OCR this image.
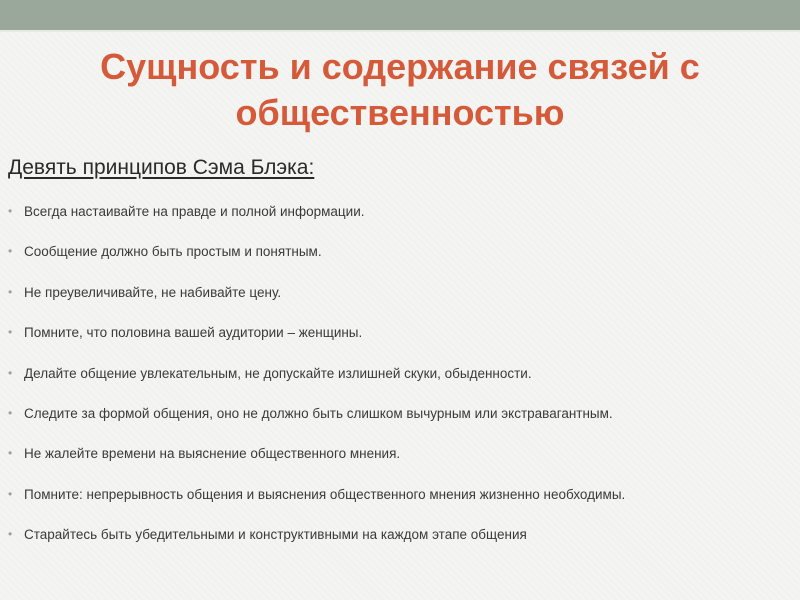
Сущность и содержание связей с общественностью

Девять принципов Сэма Блэка:

• Всегда настаивайте на правде и полной информации.
• Сообщение должно быть простым и понятным.
• Не преувеличивайте, не набивайте цену.
• Помните, что половина вашей аудитории – женщины.
• Делайте общение увлекательным, не допускайте излишней скуки, обыденности.
• Следите за формой общения, оно не должно быть слишком вычурным или экстравагантным.
• Не жалейте времени на выяснение общественного мнения.
• Помните: непрерывность общения и выяснения общественного мнения жизненно необходимы.
• Старайтесь быть убедительными и конструктивными на каждом этапе общения
